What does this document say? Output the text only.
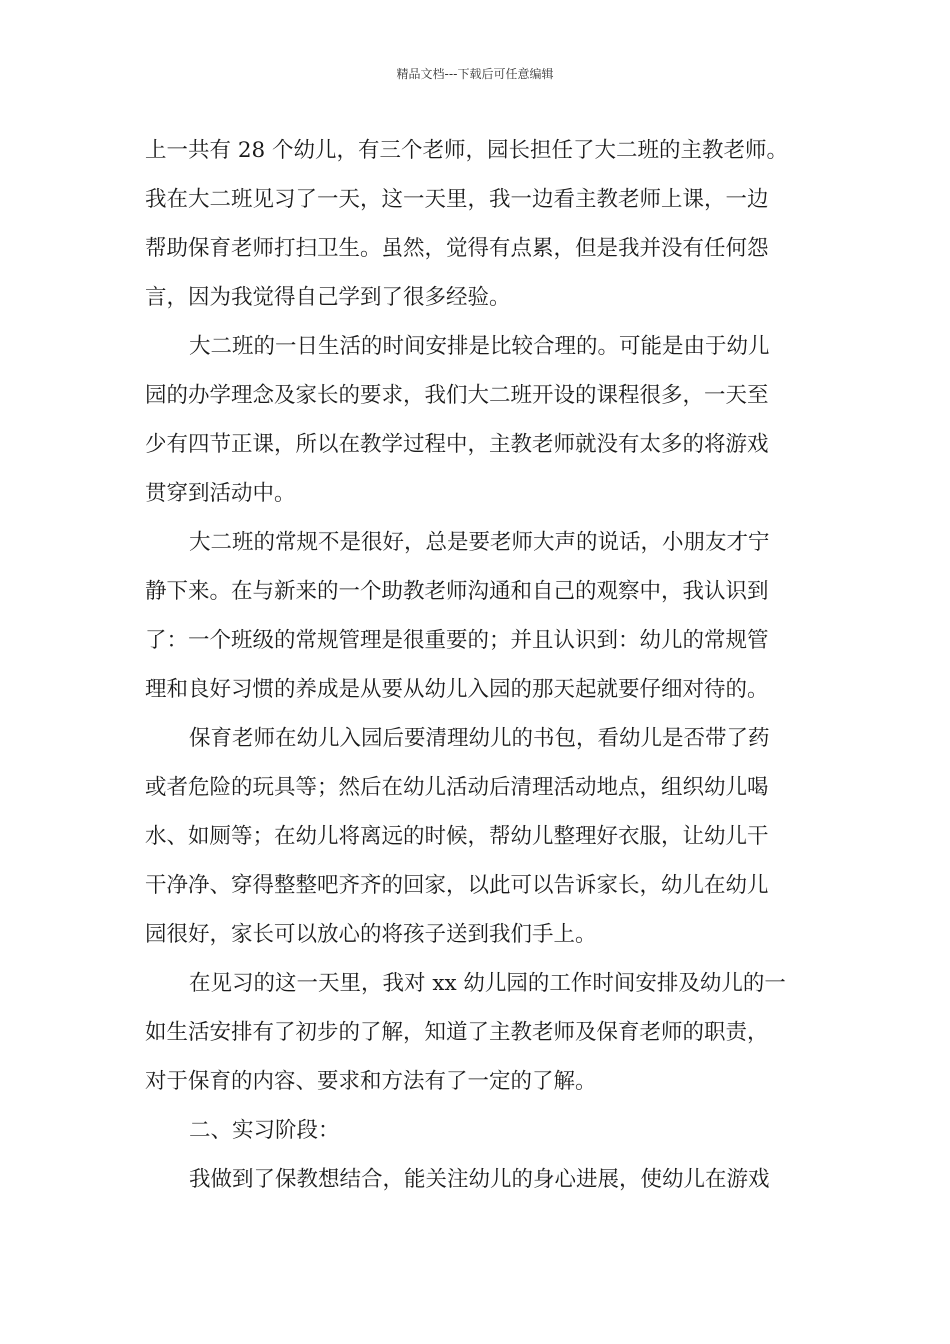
精品文档---下载后可任意编辑
上一共有 28 个幼儿，有三个老师，园长担任了大二班的主教老师。
我在大二班见习了一天，这一天里，我一边看主教老师上课，一边
帮助保育老师打扫卫生。虽然，觉得有点累，但是我并没有任何怨
言，因为我觉得自己学到了很多经验。
大二班的一日生活的时间安排是比较合理的。可能是由于幼儿
园的办学理念及家长的要求，我们大二班开设的课程很多，一天至
少有四节正课，所以在教学过程中，主教老师就没有太多的将游戏
贯穿到活动中。
大二班的常规不是很好，总是要老师大声的说话，小朋友才宁
静下来。在与新来的一个助教老师沟通和自己的观察中，我认识到
了：一个班级的常规管理是很重要的；并且认识到：幼儿的常规管
理和良好习惯的养成是从要从幼儿入园的那天起就要仔细对待的。
保育老师在幼儿入园后要清理幼儿的书包，看幼儿是否带了药
或者危险的玩具等；然后在幼儿活动后清理活动地点，组织幼儿喝
水、如厕等；在幼儿将离远的时候，帮幼儿整理好衣服，让幼儿干
干净净、穿得整整吧齐齐的回家，以此可以告诉家长，幼儿在幼儿
园很好，家长可以放心的将孩子送到我们手上。
在见习的这一天里，我对 xx 幼儿园的工作时间安排及幼儿的一
如生活安排有了初步的了解，知道了主教老师及保育老师的职责，
对于保育的内容、要求和方法有了一定的了解。
二、实习阶段：
我做到了保教想结合，能关注幼儿的身心进展，使幼儿在游戏
